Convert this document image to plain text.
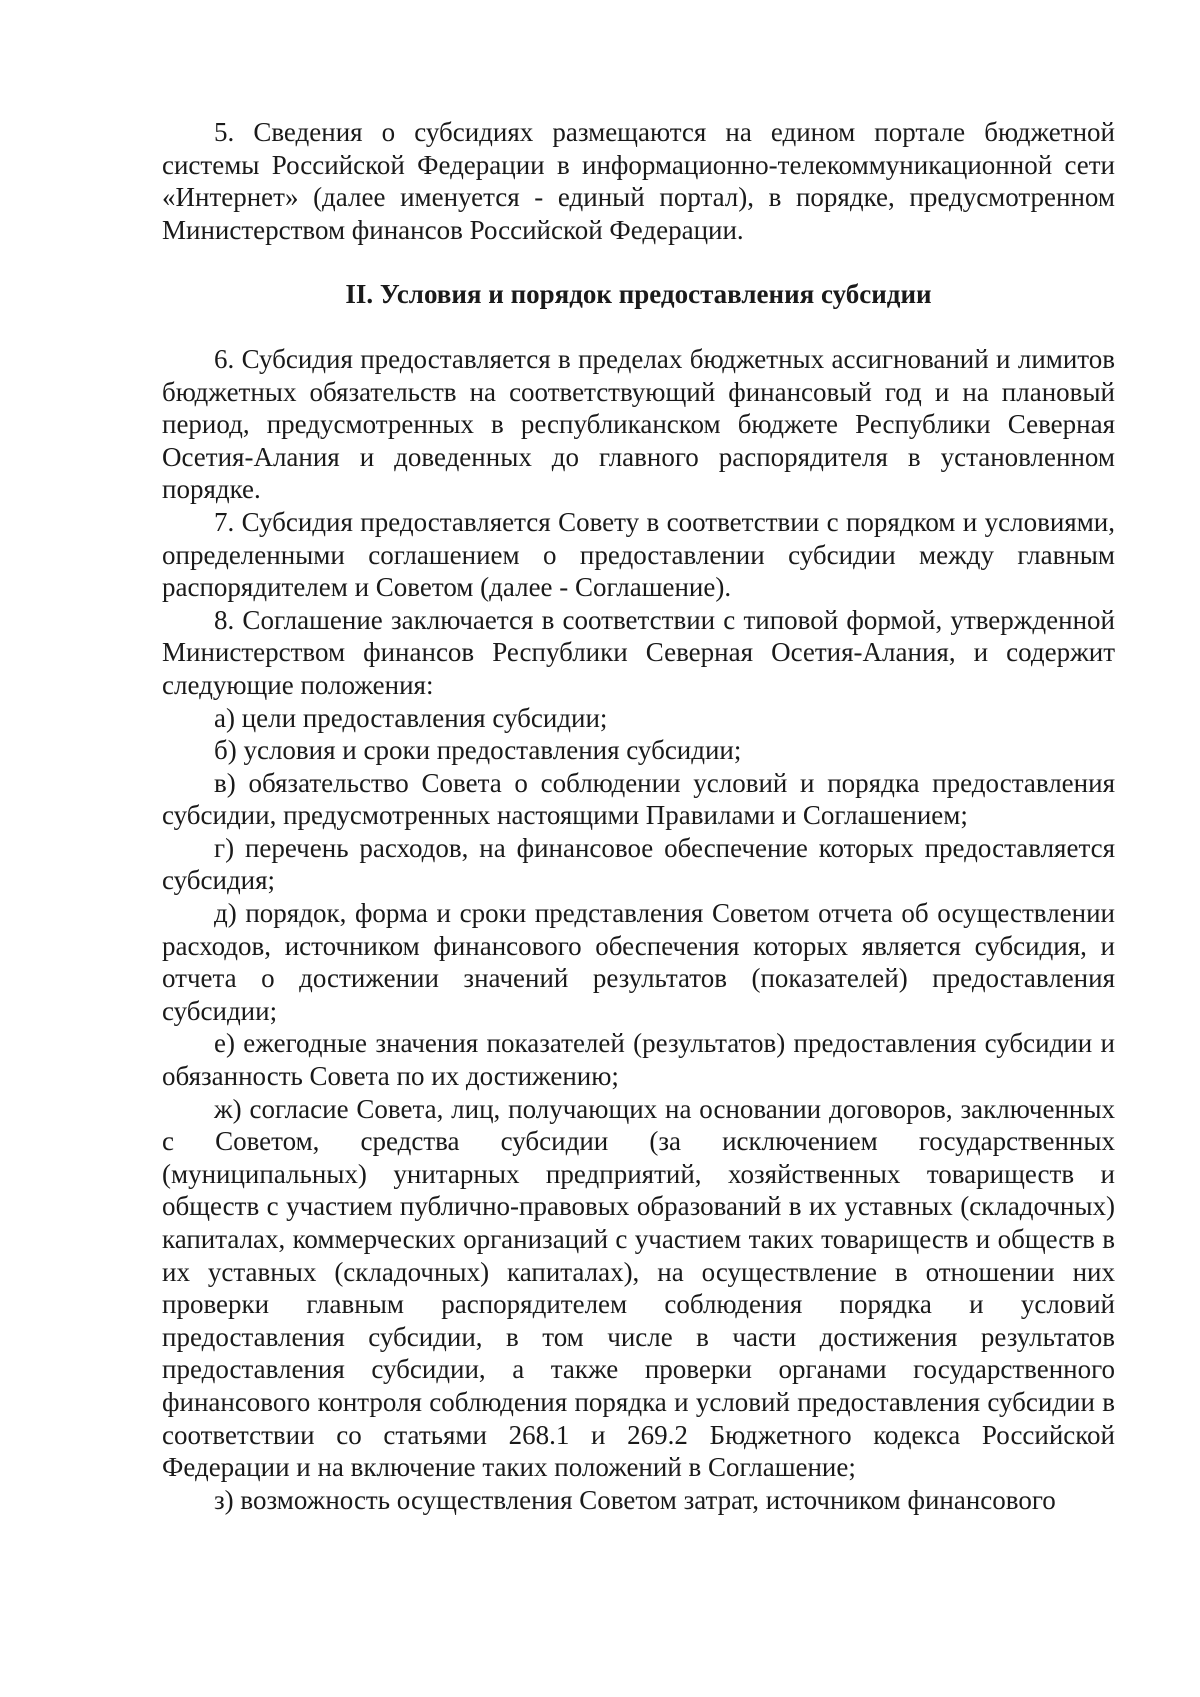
5. Сведения о субсидиях размещаются на едином портале бюджетной системы Российской Федерации в информационно-телекоммуникационной сети «Интернет» (далее именуется - единый портал), в порядке, предусмотренном Министерством финансов Российской Федерации.

II. Условия и порядок предоставления субсидии

6. Субсидия предоставляется в пределах бюджетных ассигнований и лимитов бюджетных обязательств на соответствующий финансовый год и на плановый период, предусмотренных в республиканском бюджете Республики Северная Осетия-Алания и доведенных до главного распорядителя в установленном порядке.

7. Субсидия предоставляется Совету в соответствии с порядком и условиями, определенными соглашением о предоставлении субсидии между главным распорядителем и Советом (далее - Соглашение).

8. Соглашение заключается в соответствии с типовой формой, утвержденной Министерством финансов Республики Северная Осетия-Алания, и содержит следующие положения:

а) цели предоставления субсидии;

б) условия и сроки предоставления субсидии;

в) обязательство Совета о соблюдении условий и порядка предоставления субсидии, предусмотренных настоящими Правилами и Соглашением;

г) перечень расходов, на финансовое обеспечение которых предоставляется субсидия;

д) порядок, форма и сроки представления Советом отчета об осуществлении расходов, источником финансового обеспечения которых является субсидия, и отчета о достижении значений результатов (показателей) предоставления субсидии;

е) ежегодные значения показателей (результатов) предоставления субсидии и обязанность Совета по их достижению;

ж) согласие Совета, лиц, получающих на основании договоров, заключенных с Советом, средства субсидии (за исключением государственных (муниципальных) унитарных предприятий, хозяйственных товариществ и обществ с участием публично-правовых образований в их уставных (складочных) капиталах, коммерческих организаций с участием таких товариществ и обществ в их уставных (складочных) капиталах), на осуществление в отношении них проверки главным распорядителем соблюдения порядка и условий предоставления субсидии, в том числе в части достижения результатов предоставления субсидии, а также проверки органами государственного финансового контроля соблюдения порядка и условий предоставления субсидии в соответствии со статьями 268.1 и 269.2 Бюджетного кодекса Российской Федерации и на включение таких положений в Соглашение;

з) возможность осуществления Советом затрат, источником финансового
